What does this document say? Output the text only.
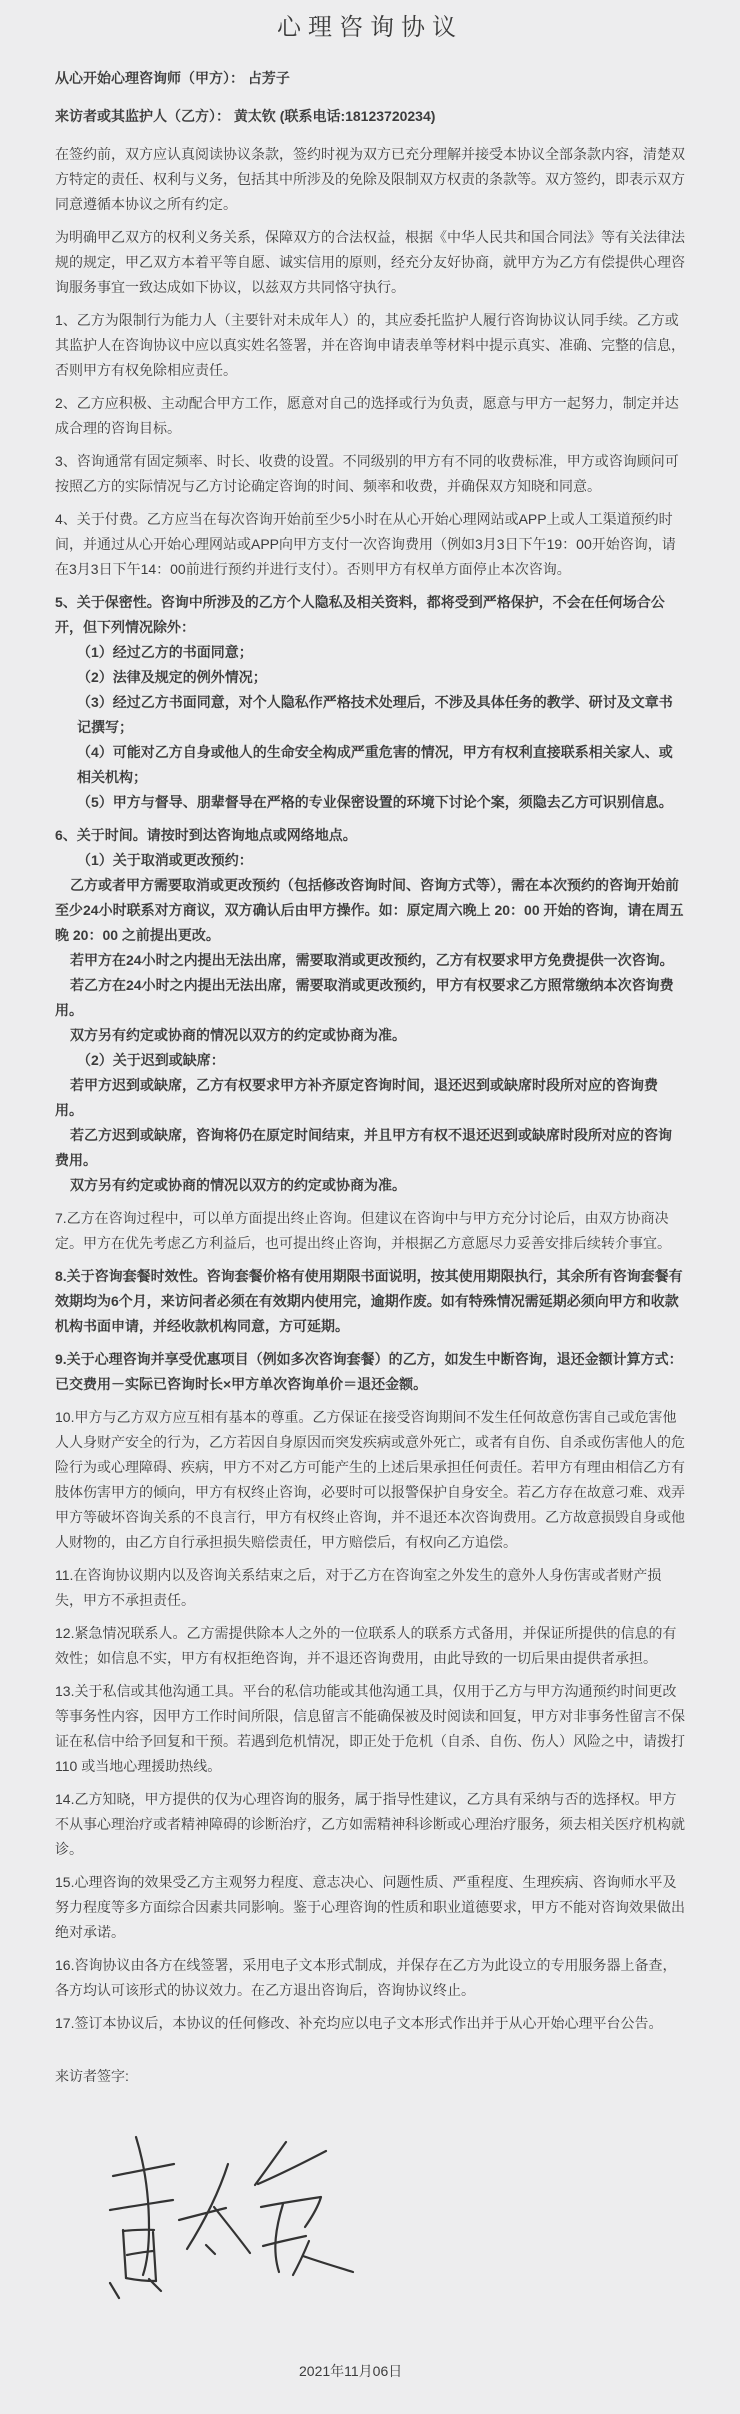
心理咨询协议

从心开始心理咨询师（甲方）： 占芳子

来访者或其监护人（乙方）： 黄太钦 (联系电话:18123720234)

在签约前，双方应认真阅读协议条款，签约时视为双方已充分理解并接受本协议全部条款内容，清楚双方特定的责任、权利与义务，包括其中所涉及的免除及限制双方权责的条款等。双方签约，即表示双方同意遵循本协议之所有约定。

为明确甲乙双方的权利义务关系，保障双方的合法权益，根据《中华人民共和国合同法》等有关法律法规的规定，甲乙双方本着平等自愿、诚实信用的原则，经充分友好协商，就甲方为乙方有偿提供心理咨询服务事宜一致达成如下协议，以兹双方共同恪守执行。

1、乙方为限制行为能力人（主要针对未成年人）的，其应委托监护人履行咨询协议认同手续。乙方或其监护人在咨询协议中应以真实姓名签署，并在咨询申请表单等材料中提示真实、准确、完整的信息，否则甲方有权免除相应责任。

2、乙方应积极、主动配合甲方工作，愿意对自己的选择或行为负责，愿意与甲方一起努力，制定并达成合理的咨询目标。

3、咨询通常有固定频率、时长、收费的设置。不同级别的甲方有不同的收费标准，甲方或咨询顾问可按照乙方的实际情况与乙方讨论确定咨询的时间、频率和收费，并确保双方知晓和同意。

4、关于付费。乙方应当在每次咨询开始前至少5小时在从心开始心理网站或APP上或人工渠道预约时间，并通过从心开始心理网站或APP向甲方支付一次咨询费用（例如3月3日下午19：00开始咨询，请在3月3日下午14：00前进行预约并进行支付）。否则甲方有权单方面停止本次咨询。

5、关于保密性。咨询中所涉及的乙方个人隐私及相关资料，都将受到严格保护，不会在任何场合公开，但下列情况除外：

（1）经过乙方的书面同意；

（2）法律及规定的例外情况；

（3）经过乙方书面同意，对个人隐私作严格技术处理后，不涉及具体任务的教学、研讨及文章书记撰写；

（4）可能对乙方自身或他人的生命安全构成严重危害的情况，甲方有权利直接联系相关家人、或相关机构；

（5）甲方与督导、朋辈督导在严格的专业保密设置的环境下讨论个案，须隐去乙方可识别信息。

6、关于时间。请按时到达咨询地点或网络地点。

（1）关于取消或更改预约：

乙方或者甲方需要取消或更改预约（包括修改咨询时间、咨询方式等），需在本次预约的咨询开始前至少24小时联系对方商议，双方确认后由甲方操作。如：原定周六晚上 20：00 开始的咨询，请在周五晚 20：00 之前提出更改。

若甲方在24小时之内提出无法出席，需要取消或更改预约，乙方有权要求甲方免费提供一次咨询。

若乙方在24小时之内提出无法出席，需要取消或更改预约，甲方有权要求乙方照常缴纳本次咨询费用。

双方另有约定或协商的情况以双方的约定或协商为准。

（2）关于迟到或缺席：

若甲方迟到或缺席，乙方有权要求甲方补齐原定咨询时间，退还迟到或缺席时段所对应的咨询费用。

若乙方迟到或缺席，咨询将仍在原定时间结束，并且甲方有权不退还迟到或缺席时段所对应的咨询费用。

双方另有约定或协商的情况以双方的约定或协商为准。

7.乙方在咨询过程中，可以单方面提出终止咨询。但建议在咨询中与甲方充分讨论后，由双方协商决定。甲方在优先考虑乙方利益后，也可提出终止咨询，并根据乙方意愿尽力妥善安排后续转介事宜。

8.关于咨询套餐时效性。咨询套餐价格有使用期限书面说明，按其使用期限执行，其余所有咨询套餐有效期均为6个月，来访问者必须在有效期内使用完，逾期作废。如有特殊情况需延期必须向甲方和收款机构书面申请，并经收款机构同意，方可延期。

9.关于心理咨询并享受优惠项目（例如多次咨询套餐）的乙方，如发生中断咨询，退还金额计算方式：已交费用－实际已咨询时长×甲方单次咨询单价＝退还金额。

10.甲方与乙方双方应互相有基本的尊重。乙方保证在接受咨询期间不发生任何故意伤害自己或危害他人人身财产安全的行为，乙方若因自身原因而突发疾病或意外死亡，或者有自伤、自杀或伤害他人的危险行为或心理障碍、疾病，甲方不对乙方可能产生的上述后果承担任何责任。若甲方有理由相信乙方有肢体伤害甲方的倾向，甲方有权终止咨询，必要时可以报警保护自身安全。若乙方存在故意刁难、戏弄甲方等破坏咨询关系的不良言行，甲方有权终止咨询，并不退还本次咨询费用。乙方故意损毁自身或他人财物的，由乙方自行承担损失赔偿责任，甲方赔偿后，有权向乙方追偿。

11.在咨询协议期内以及咨询关系结束之后，对于乙方在咨询室之外发生的意外人身伤害或者财产损失，甲方不承担责任。

12.紧急情况联系人。乙方需提供除本人之外的一位联系人的联系方式备用，并保证所提供的信息的有效性；如信息不实，甲方有权拒绝咨询，并不退还咨询费用，由此导致的一切后果由提供者承担。

13.关于私信或其他沟通工具。平台的私信功能或其他沟通工具，仅用于乙方与甲方沟通预约时间更改等事务性内容，因甲方工作时间所限，信息留言不能确保被及时阅读和回复，甲方对非事务性留言不保证在私信中给予回复和干预。若遇到危机情况，即正处于危机（自杀、自伤、伤人）风险之中，请拨打 110 或当地心理援助热线。

14.乙方知晓，甲方提供的仅为心理咨询的服务，属于指导性建议，乙方具有采纳与否的选择权。甲方不从事心理治疗或者精神障碍的诊断治疗，乙方如需精神科诊断或心理治疗服务，须去相关医疗机构就诊。

15.心理咨询的效果受乙方主观努力程度、意志决心、问题性质、严重程度、生理疾病、咨询师水平及努力程度等多方面综合因素共同影响。鉴于心理咨询的性质和职业道德要求，甲方不能对咨询效果做出绝对承诺。

16.咨询协议由各方在线签署，采用电子文本形式制成，并保存在乙方为此设立的专用服务器上备查，各方均认可该形式的协议效力。在乙方退出咨询后，咨询协议终止。

17.签订本协议后，本协议的任何修改、补充均应以电子文本形式作出并于从心开始心理平台公告。

来访者签字:

2021年11月06日
